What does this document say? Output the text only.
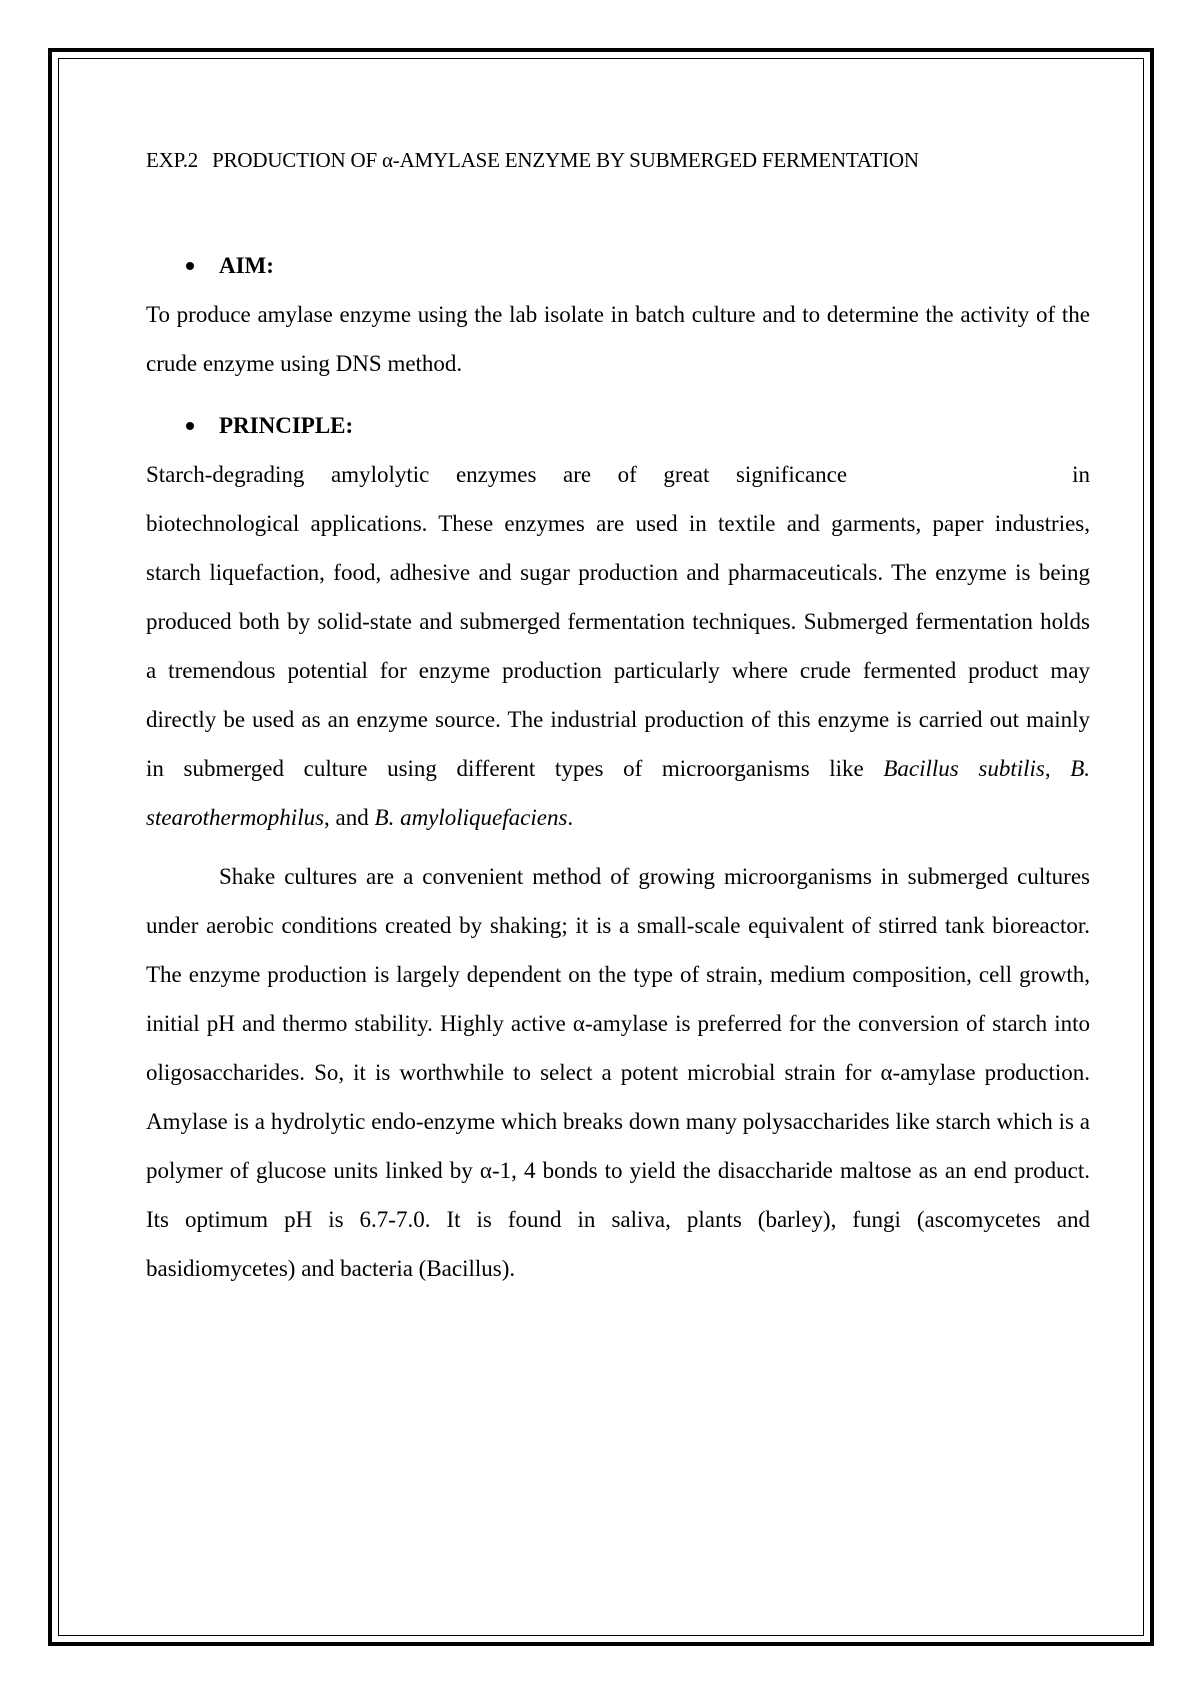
EXP.2 PRODUCTION OF α-AMYLASE ENZYME BY SUBMERGED FERMENTATION

AIM:

To produce amylase enzyme using the lab isolate in batch culture and to determine the activity of the crude enzyme using DNS method.

PRINCIPLE:

Starch-degrading amylolytic enzymes are of great significance	in biotechnological applications. These enzymes are used in textile and garments, paper industries, starch liquefaction, food, adhesive and sugar production and pharmaceuticals. The enzyme is being produced both by solid-state and submerged fermentation techniques. Submerged fermentation holds a tremendous potential for enzyme production particularly where crude fermented product may directly be used as an enzyme source. The industrial production of this enzyme is carried out mainly in submerged culture using different types of microorganisms like Bacillus subtilis, B. stearothermophilus, and B. amyloliquefaciens.

Shake cultures are a convenient method of growing microorganisms in submerged cultures under aerobic conditions created by shaking; it is a small-scale equivalent of stirred tank bioreactor. The enzyme production is largely dependent on the type of strain, medium composition, cell growth, initial pH and thermo stability. Highly active α-amylase is preferred for the conversion of starch into oligosaccharides. So, it is worthwhile to select a potent microbial strain for α-amylase production. Amylase is a hydrolytic endo-enzyme which breaks down many polysaccharides like starch which is a polymer of glucose units linked by α-1, 4 bonds to yield the disaccharide maltose as an end product. Its optimum pH is 6.7-7.0. It is found in saliva, plants (barley), fungi (ascomycetes and basidiomycetes) and bacteria (Bacillus).
